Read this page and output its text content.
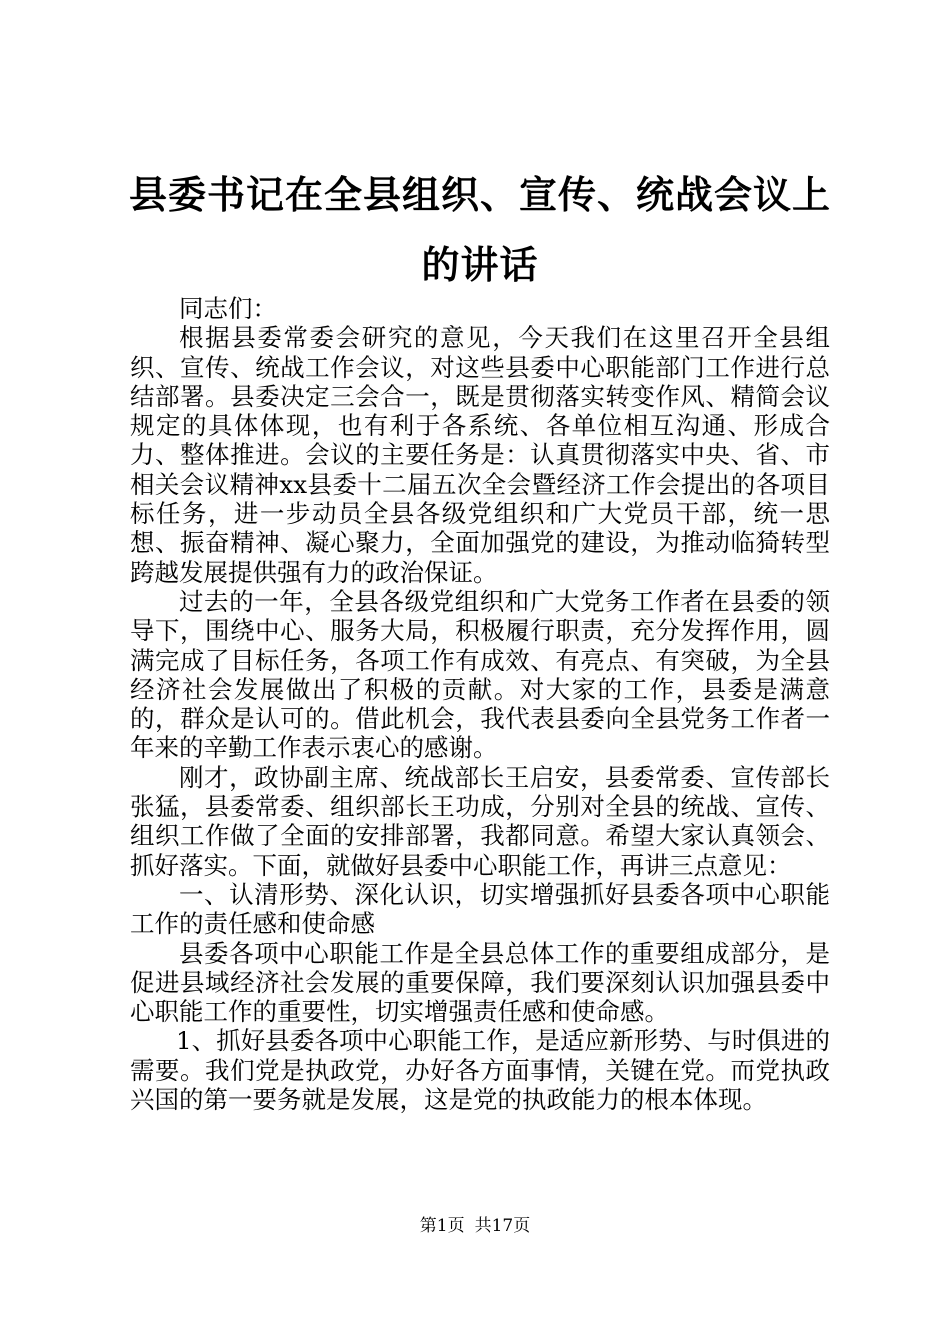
县委书记在全县组织、宣传、统战会议上的讲话

同志们：

根据县委常委会研究的意见，今天我们在这里召开全县组织、宣传、统战工作会议，对这些县委中心职能部门工作进行总结部署。县委决定三会合一，既是贯彻落实转变作风、精简会议规定的具体体现，也有利于各系统、各单位相互沟通、形成合力、整体推进。会议的主要任务是：认真贯彻落实中央、省、市相关会议精神xx县委十二届五次全会暨经济工作会提出的各项目标任务，进一步动员全县各级党组织和广大党员干部，统一思想、振奋精神、凝心聚力，全面加强党的建设，为推动临猗转型跨越发展提供强有力的政治保证。

过去的一年，全县各级党组织和广大党务工作者在县委的领导下，围绕中心、服务大局，积极履行职责，充分发挥作用，圆满完成了目标任务，各项工作有成效、有亮点、有突破，为全县经济社会发展做出了积极的贡献。对大家的工作，县委是满意的，群众是认可的。借此机会，我代表县委向全县党务工作者一年来的辛勤工作表示衷心的感谢。

刚才，政协副主席、统战部长王启安，县委常委、宣传部长张猛，县委常委、组织部长王功成，分别对全县的统战、宣传、组织工作做了全面的安排部署，我都同意。希望大家认真领会、抓好落实。下面，就做好县委中心职能工作，再讲三点意见：

一、认清形势、深化认识，切实增强抓好县委各项中心职能工作的责任感和使命感

县委各项中心职能工作是全县总体工作的重要组成部分，是促进县域经济社会发展的重要保障，我们要深刻认识加强县委中心职能工作的重要性，切实增强责任感和使命感。

1、抓好县委各项中心职能工作，是适应新形势、与时俱进的需要。我们党是执政党，办好各方面事情，关键在党。而党执政兴国的第一要务就是发展，这是党的执政能力的根本体现。

第1页 共17页
